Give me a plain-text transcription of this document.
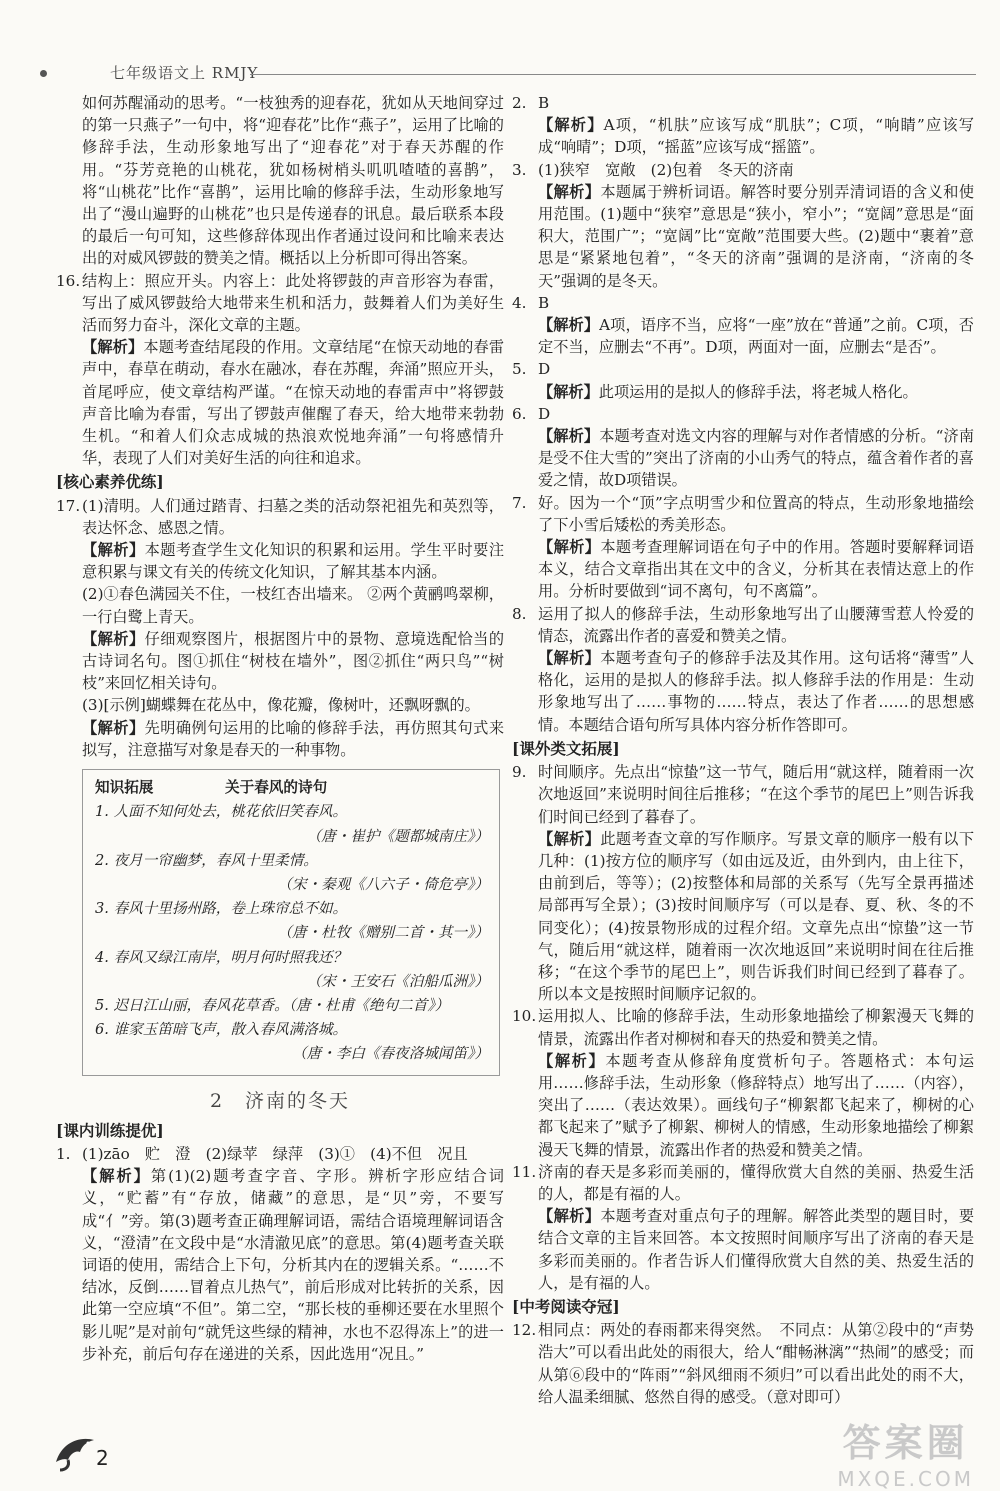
七年级语文上 RMJY

如何苏醒涌动的思考。“一枝独秀的迎春花，犹如从天地间穿过的第一只燕子”一句中，将“迎春花”比作“燕子”，运用了比喻的修辞手法，生动形象地写出了“迎春花”对于春天苏醒的作用。“芬芳竞艳的山桃花，犹如杨树梢头叽叽喳喳的喜鹊”，将“山桃花”比作“喜鹊”，运用比喻的修辞手法，生动形象地写出了“漫山遍野的山桃花”也只是传递春的讯息。最后联系本段的最后一句可知，这些修辞体现出作者通过设问和比喻来表达出的对威风锣鼓的赞美之情。概括以上分析即可得出答案。

16. 结构上：照应开头。内容上：此处将锣鼓的声音形容为春雷，写出了威风锣鼓给大地带来生机和活力，鼓舞着人们为美好生活而努力奋斗，深化文章的主题。
【解析】本题考查结尾段的作用。文章结尾“在惊天动地的春雷声中，春草在萌动，春水在融冰，春在苏醒，奔涌”照应开头，首尾呼应，使文章结构严谨。“在惊天动地的春雷声中”将锣鼓声音比喻为春雷，写出了锣鼓声催醒了春天，给大地带来勃勃生机。“和着人们众志成城的热浪欢悦地奔涌”一句将感情升华，表现了人们对美好生活的向往和追求。
[核心素养优练]
17. (1)清明。人们通过踏青、扫墓之类的活动祭祀祖先和英烈等，表达怀念、感恩之情。
【解析】本题考查学生文化知识的积累和运用。学生平时要注意积累与课文有关的传统文化知识，了解其基本内涵。
(2)①春色满园关不住，一枝红杏出墙来。 ②两个黄鹂鸣翠柳，一行白鹭上青天。
【解析】仔细观察图片，根据图片中的景物、意境选配恰当的古诗词名句。图①抓住“树枝在墙外”，图②抓住“两只鸟”“树枝”来回忆相关诗句。
(3)[示例]蝴蝶舞在花丛中，像花瓣，像树叶，还飘呀飘的。
【解析】先明确例句运用的比喻的修辞手法，再仿照其句式来拟写，注意描写对象是春天的一种事物。
知识拓展	关于春风的诗句
1. 人面不知何处去，桃花依旧笑春风。
（唐・崔护《题都城南庄》）
2. 夜月一帘幽梦，春风十里柔情。
（宋・秦观《八六子・倚危亭》）
3. 春风十里扬州路，卷上珠帘总不如。
（唐・杜牧《赠别二首・其一》）
4. 春风又绿江南岸，明月何时照我还？
（宋・王安石《泊船瓜洲》）
5. 迟日江山丽，春风花草香。（唐・杜甫《绝句二首》）
6. 谁家玉笛暗飞声，散入春风满洛城。
（唐・李白《春夜洛城闻笛》）
2　济南的冬天
[课内训练提优]
1. (1)zāo　贮　澄　(2)绿苹　绿萍　(3)①　(4)不但　况且
【解析】第(1)(2)题考查字音、字形。辨析字形应结合词义，“贮蓄”有“存放，储藏”的意思，是“贝”旁，不要写成“亻”旁。第(3)题考查正确理解词语，需结合语境理解词语含义，“澄清”在文段中是“水清澈见底”的意思。第(4)题考查关联词语的使用，需结合上下句，分析其内在的逻辑关系。“……不结冰，反倒……冒着点儿热气”，前后形成对比转折的关系，因此第一空应填“不但”。第二空，“那长枝的垂柳还要在水里照个影儿呢”是对前句“就凭这些绿的精神，水也不忍得冻上”的进一步补充，前后句存在递进的关系，因此选用“况且。”
2. B
【解析】A项，“机肤”应该写成“肌肤”；C项，“响睛”应该写成“响晴”；D项，“摇蓝”应该写成“摇篮”。
3. (1)狭窄　宽敞　(2)包着　冬天的济南
【解析】本题属于辨析词语。解答时要分别弄清词语的含义和使用范围。(1)题中“狭窄”意思是“狭小，窄小”；“宽阔”意思是“面积大，范围广”；“宽阔”比“宽敞”范围要大些。(2)题中“裹着”意思是“紧紧地包着”，“冬天的济南”强调的是济南，“济南的冬天”强调的是冬天。
4. B
【解析】A项，语序不当，应将“一座”放在“普通”之前。C项，否定不当，应删去“不再”。D项，两面对一面，应删去“是否”。
5. D
【解析】此项运用的是拟人的修辞手法，将老城人格化。
6. D
【解析】本题考查对选文内容的理解与对作者情感的分析。“济南是受不住大雪的”突出了济南的小山秀气的特点，蕴含着作者的喜爱之情，故D项错误。
7. 好。因为一个“顶”字点明雪少和位置高的特点，生动形象地描绘了下小雪后矮松的秀美形态。
【解析】本题考查理解词语在句子中的作用。答题时要解释词语本义，结合文章指出其在文中的含义，分析其在表情达意上的作用。分析时要做到“词不离句，句不离篇”。
8. 运用了拟人的修辞手法，生动形象地写出了山腰薄雪惹人怜爱的情态，流露出作者的喜爱和赞美之情。
【解析】本题考查句子的修辞手法及其作用。这句话将“薄雪”人格化，运用的是拟人的修辞手法。拟人修辞手法的作用是：生动形象地写出了……事物的……特点，表达了作者……的思想感情。本题结合语句所写具体内容分析作答即可。
[课外类文拓展]
9. 时间顺序。先点出“惊蛰”这一节气，随后用“就这样，随着雨一次次地返回”来说明时间往后推移；“在这个季节的尾巴上”则告诉我们时间已经到了暮春了。
【解析】此题考查文章的写作顺序。写景文章的顺序一般有以下几种：(1)按方位的顺序写（如由远及近，由外到内，由上往下，由前到后，等等）；(2)按整体和局部的关系写（先写全景再描述局部再写全景）；(3)按时间顺序写（可以是春、夏、秋、冬的不同变化）；(4)按景物形成的过程介绍。文章先点出“惊蛰”这一节气，随后用“就这样，随着雨一次次地返回”来说明时间在往后推移；“在这个季节的尾巴上”，则告诉我们时间已经到了暮春了。所以本文是按照时间顺序记叙的。
10. 运用拟人、比喻的修辞手法，生动形象地描绘了柳絮漫天飞舞的情景，流露出作者对柳树和春天的热爱和赞美之情。
【解析】本题考查从修辞角度赏析句子。答题格式：本句运用……修辞手法，生动形象（修辞特点）地写出了……（内容），突出了……（表达效果）。画线句子“柳絮都飞起来了，柳树的心都飞起来了”赋予了柳絮、柳树人的情感，生动形象地描绘了柳絮漫天飞舞的情景，流露出作者的热爱和赞美之情。
11. 济南的春天是多彩而美丽的，懂得欣赏大自然的美丽、热爱生活的人，都是有福的人。
【解析】本题考查对重点句子的理解。解答此类型的题目时，要结合文章的主旨来回答。本文按照时间顺序写出了济南的春天是多彩而美丽的。作者告诉人们懂得欣赏大自然的美、热爱生活的人，是有福的人。
[中考阅读夺冠]
12. 相同点：两处的春雨都来得突然。　不同点：从第②段中的“声势浩大”可以看出此处的雨很大，给人“酣畅淋漓”“热闹”的感受；而从第⑥段中的“阵雨”“斜风细雨不须归”可以看出此处的雨不大，给人温柔细腻、悠然自得的感受。（意对即可）
2	答案圈
MXQE.COM
